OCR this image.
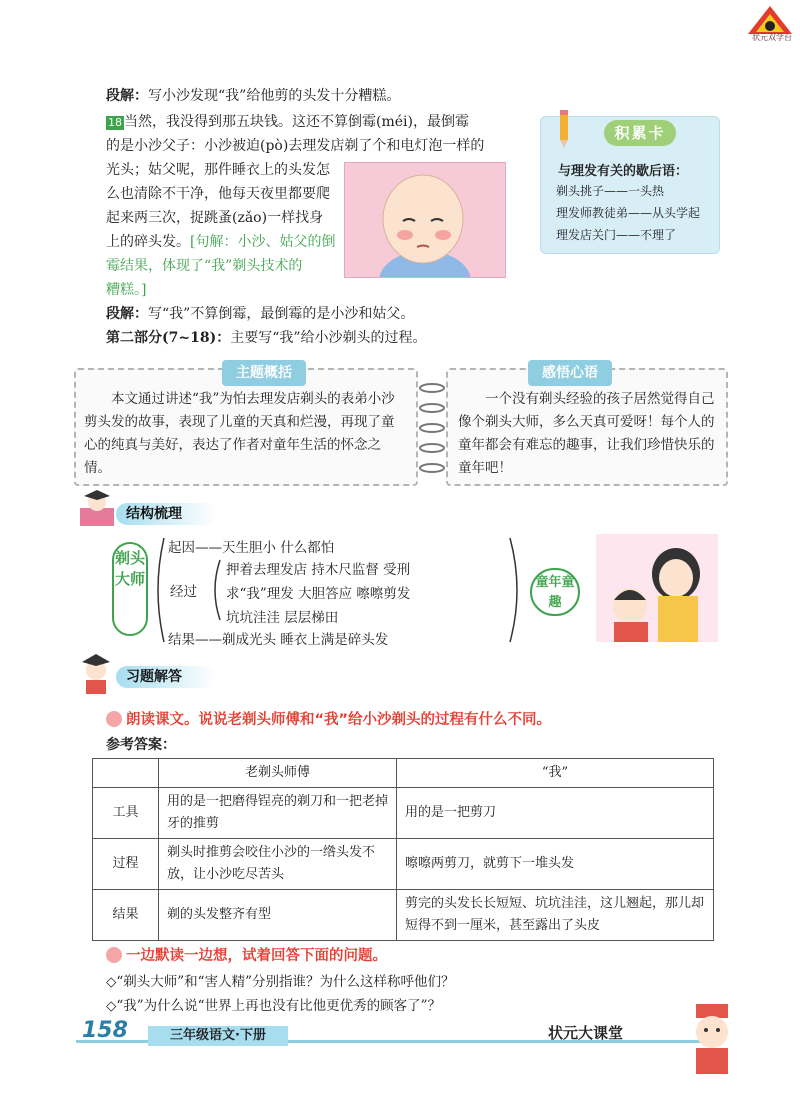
状元双学台
段解：写小沙发现“我”给他剪的头发十分糟糕。
18 当然，我没得到那五块钱。这还不算倒霉(méi)，最倒霉
的是小沙父子：小沙被迫(pò)去理发店剃了个和电灯泡一样的
光头；姑父呢，那件睡衣上的头发怎
么也清除不干净，他每天夜里都要爬
起来两三次，捉跳蚤(zǎo)一样找身
上的碎头发。[句解：小沙、姑父的倒
霉结果，体现了“我”剃头技术的
糟糕。]
段解：写“我”不算倒霉，最倒霉的是小沙和姑父。
第二部分(7~18)：主要写“我”给小沙剃头的过程。
积累卡
与理发有关的歇后语：
剃头挑子——一头热
理发师教徒弟——从头学起
理发店关门——不理了
主题概括
本文通过讲述“我”为怕去理发店剃头的表弟小沙剪头发的故事，表现了儿童的天真和烂漫，再现了童心的纯真与美好，表达了作者对童年生活的怀念之情。
感悟心语
一个没有剃头经验的孩子居然觉得自己像个剃头大师，多么天真可爱呀！每个人的童年都会有难忘的趣事，让我们珍惜快乐的童年吧！
结构梳理
剃头大师
起因——天生胆小 什么都怕
经过
押着去理发店 持木尺监督 受刑
求“我”理发 大胆答应 嚓嚓剪发
坑坑洼洼 层层梯田
结果——剃成光头 睡衣上满是碎头发
童年童趣
习题解答
朗读课文。说说老剃头师傅和“我”给小沙剃头的过程有什么不同。
参考答案：
	老剃头师傅	“我”
工具	用的是一把磨得锃亮的剃刀和一把老掉牙的推剪	用的是一把剪刀
过程	剃头时推剪会咬住小沙的一绺头发不放，让小沙吃尽苦头	嚓嚓两剪刀，就剪下一堆头发
结果	剃的头发整齐有型	剪完的头发长长短短、坑坑洼洼，这儿翘起，那儿却短得不到一厘米，甚至露出了头皮
一边默读一边想，试着回答下面的问题。
◇“剃头大师”和“害人精”分别指谁？为什么这样称呼他们？
◇“我”为什么说“世界上再也没有比他更优秀的顾客了”？
158	三年级语文·下册	状元大课堂
